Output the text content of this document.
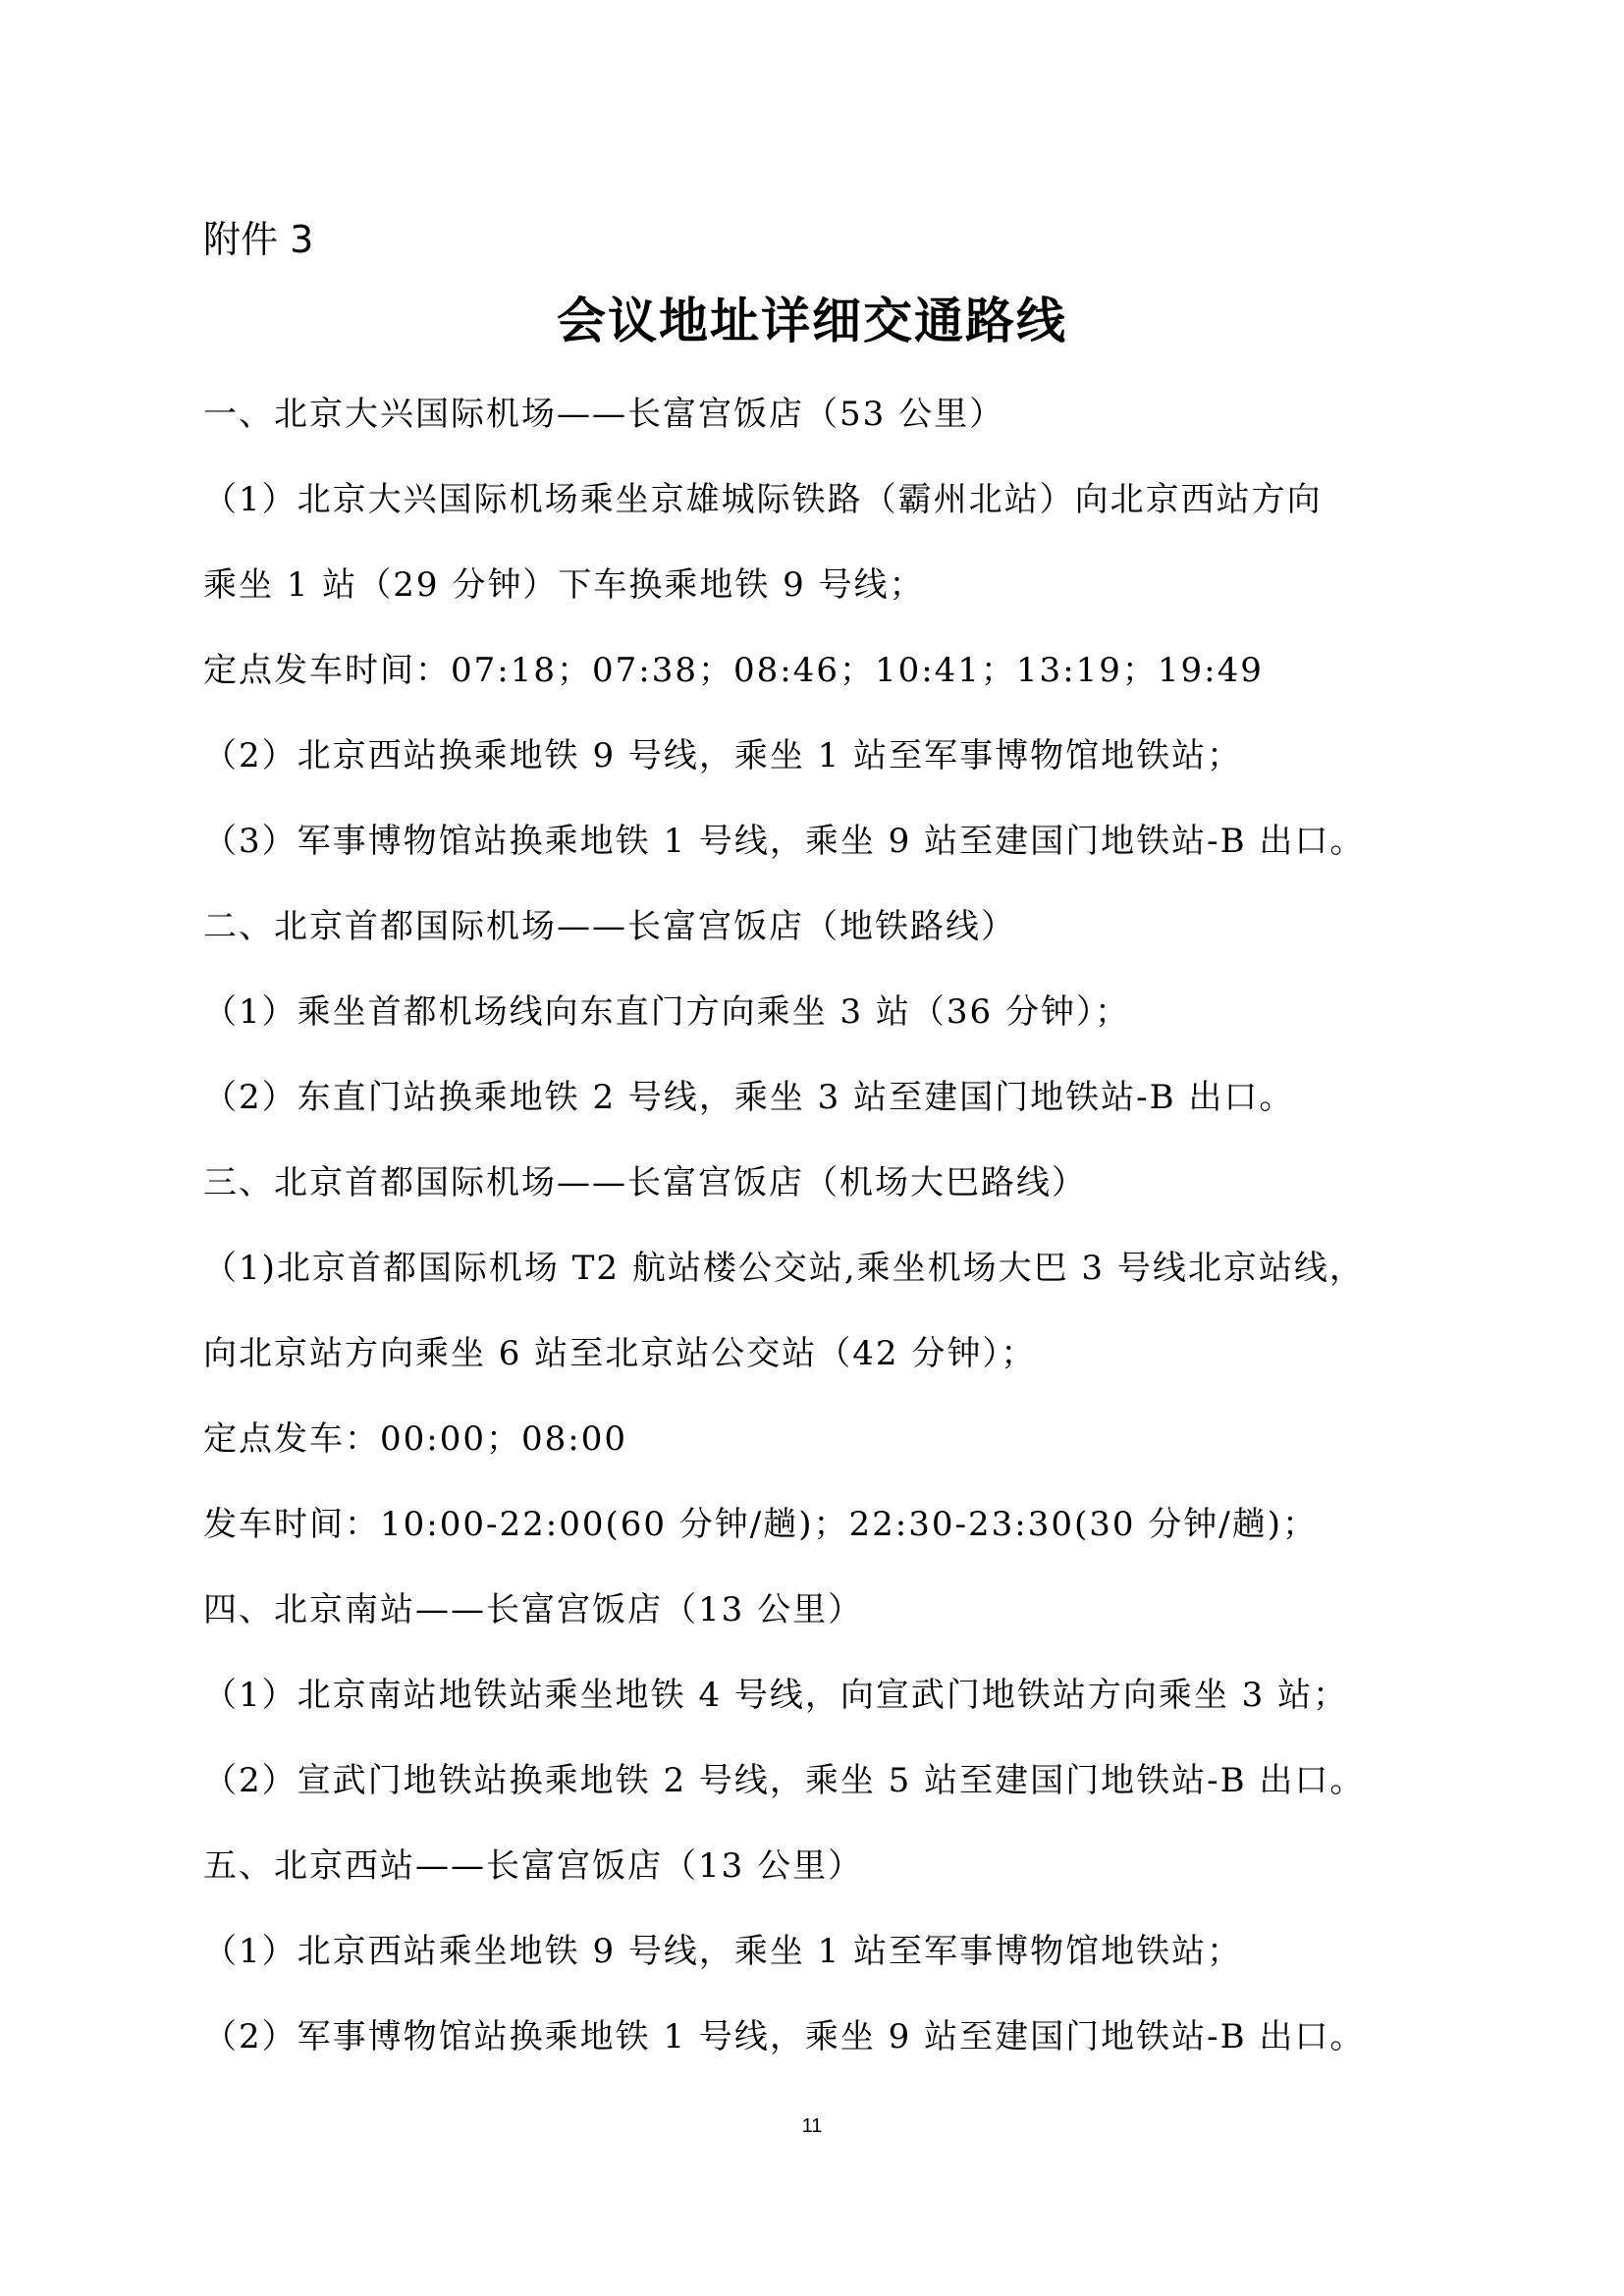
附件 3
会议地址详细交通路线
一、北京大兴国际机场——长富宫饭店（53 公里）
（1）北京大兴国际机场乘坐京雄城际铁路（霸州北站）向北京西站方向
乘坐 1 站（29 分钟）下车换乘地铁 9 号线；
定点发车时间：07:18；07:38；08:46；10:41；13:19；19:49
（2）北京西站换乘地铁 9 号线，乘坐 1 站至军事博物馆地铁站；
（3）军事博物馆站换乘地铁 1 号线，乘坐 9 站至建国门地铁站-B 出口。
二、北京首都国际机场——长富宫饭店（地铁路线）
（1）乘坐首都机场线向东直门方向乘坐 3 站（36 分钟）；
（2）东直门站换乘地铁 2 号线，乘坐 3 站至建国门地铁站-B 出口。
三、北京首都国际机场——长富宫饭店（机场大巴路线）
（1)北京首都国际机场 T2 航站楼公交站,乘坐机场大巴 3 号线北京站线，
向北京站方向乘坐 6 站至北京站公交站（42 分钟）；
定点发车：00:00；08:00
发车时间：10:00-22:00(60 分钟/趟)；22:30-23:30(30 分钟/趟)；
四、北京南站——长富宫饭店（13 公里）
（1）北京南站地铁站乘坐地铁 4 号线，向宣武门地铁站方向乘坐 3 站；
（2）宣武门地铁站换乘地铁 2 号线，乘坐 5 站至建国门地铁站-B 出口。
五、北京西站——长富宫饭店（13 公里）
（1）北京西站乘坐地铁 9 号线，乘坐 1 站至军事博物馆地铁站；
（2）军事博物馆站换乘地铁 1 号线，乘坐 9 站至建国门地铁站-B 出口。
11
